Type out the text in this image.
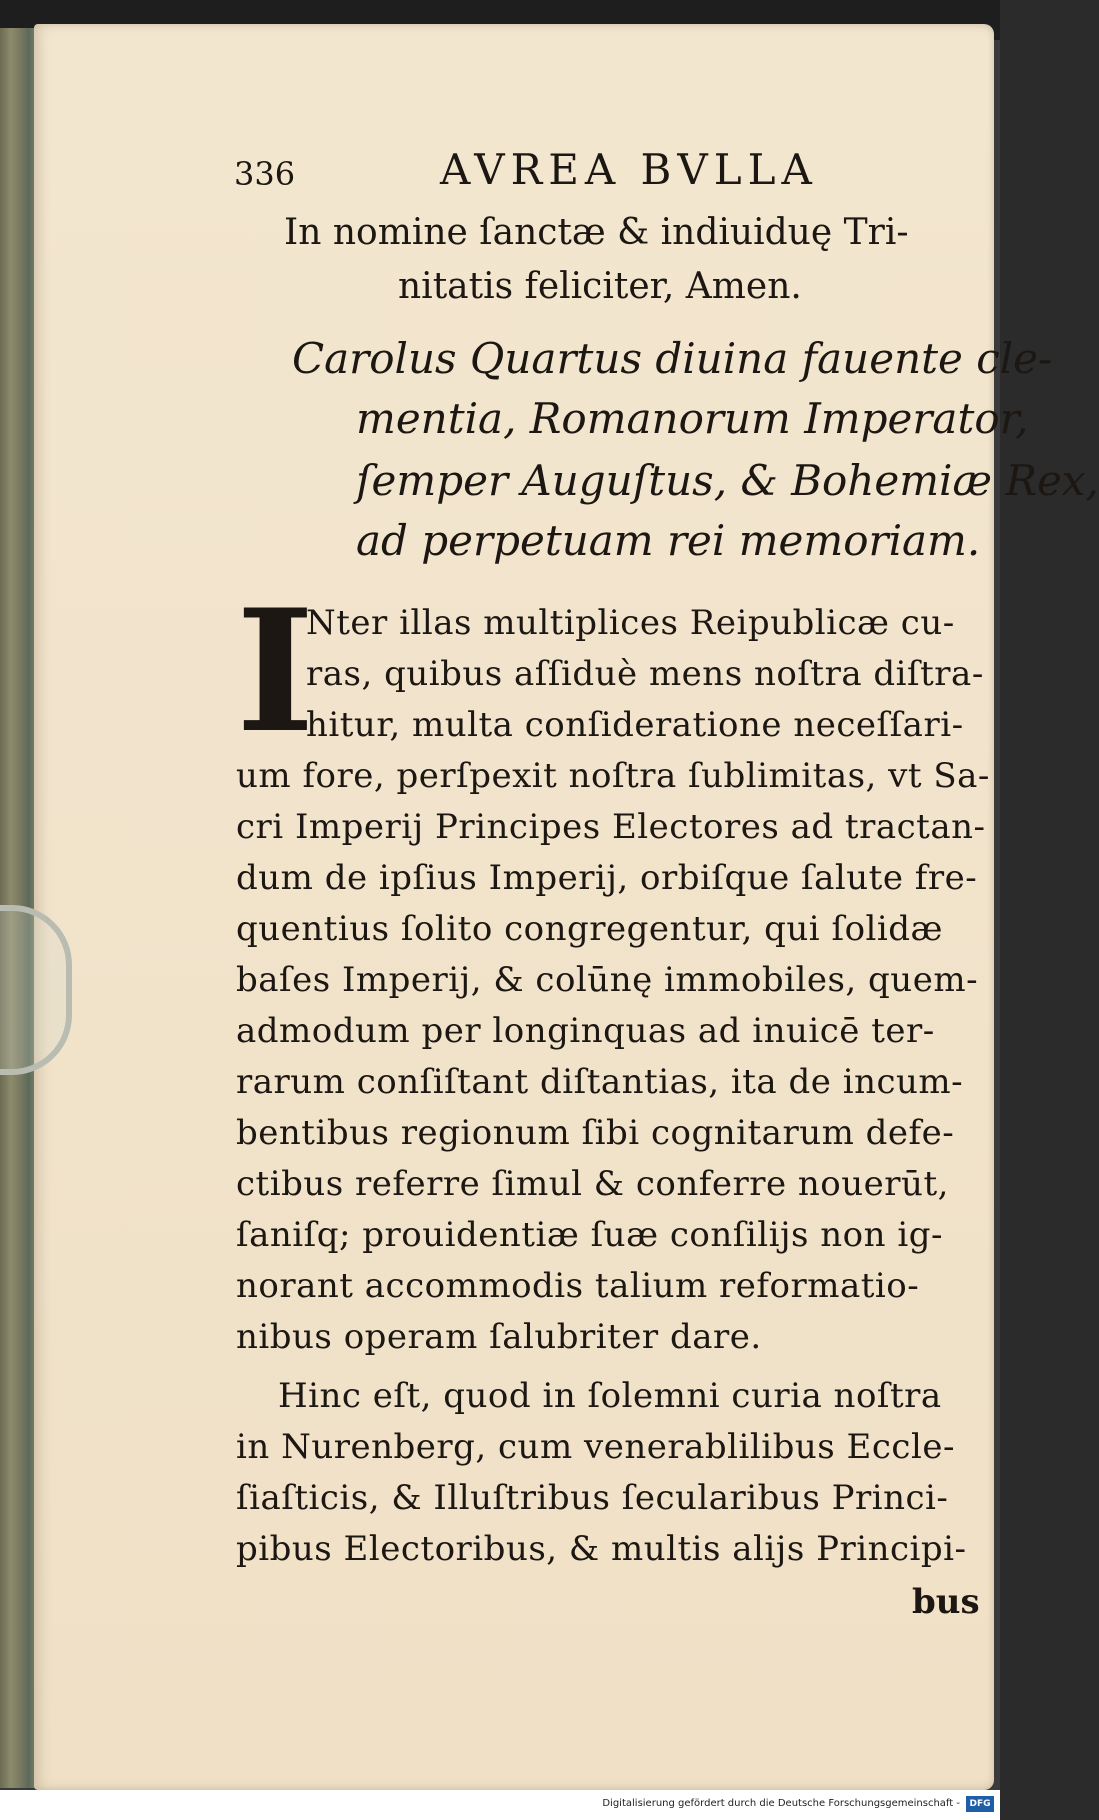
336	AVREA BVLLA
In nomine ſanctæ & indiuiduę Tri-
nitatis feliciter, Amen.
Carolus Quartus diuina fauente cle-
mentia, Romanorum Imperator,
ſemper Auguſtus, & Bohemiæ Rex,
ad perpetuam rei memoriam.
I
Nter illas multiplices Reipublicæ cu-
ras, quibus aſſiduè mens noſtra diſtra-
hitur, multa conſideratione neceſſari-
um fore, perſpexit noſtra ſublimitas, vt Sa-
cri Imperij Principes Electores ad tractan-
dum de ipſius Imperij, orbiſque ſalute fre-
quentius ſolito congregentur, qui ſolidæ
baſes Imperij, & colūnę immobiles, quem-
admodum per longinquas ad inuicē ter-
rarum conſiſtant diſtantias, ita de incum-
bentibus regionum ſibi cognitarum defe-
ctibus referre ſimul & conferre nouerūt,
ſaniſq; prouidentiæ ſuæ conſilijs non ig-
norant accommodis talium reformatio-
nibus operam ſalubriter dare.
Hinc eſt, quod in ſolemni curia noſtra
in Nurenberg, cum venerablilibus Eccle-
ſiaſticis, & Illuſtribus ſecularibus Princi-
pibus Electoribus, & multis alijs Principi-
bus
Digitalisierung gefördert durch die Deutsche Forschungsgemeinschaft -	DFG
